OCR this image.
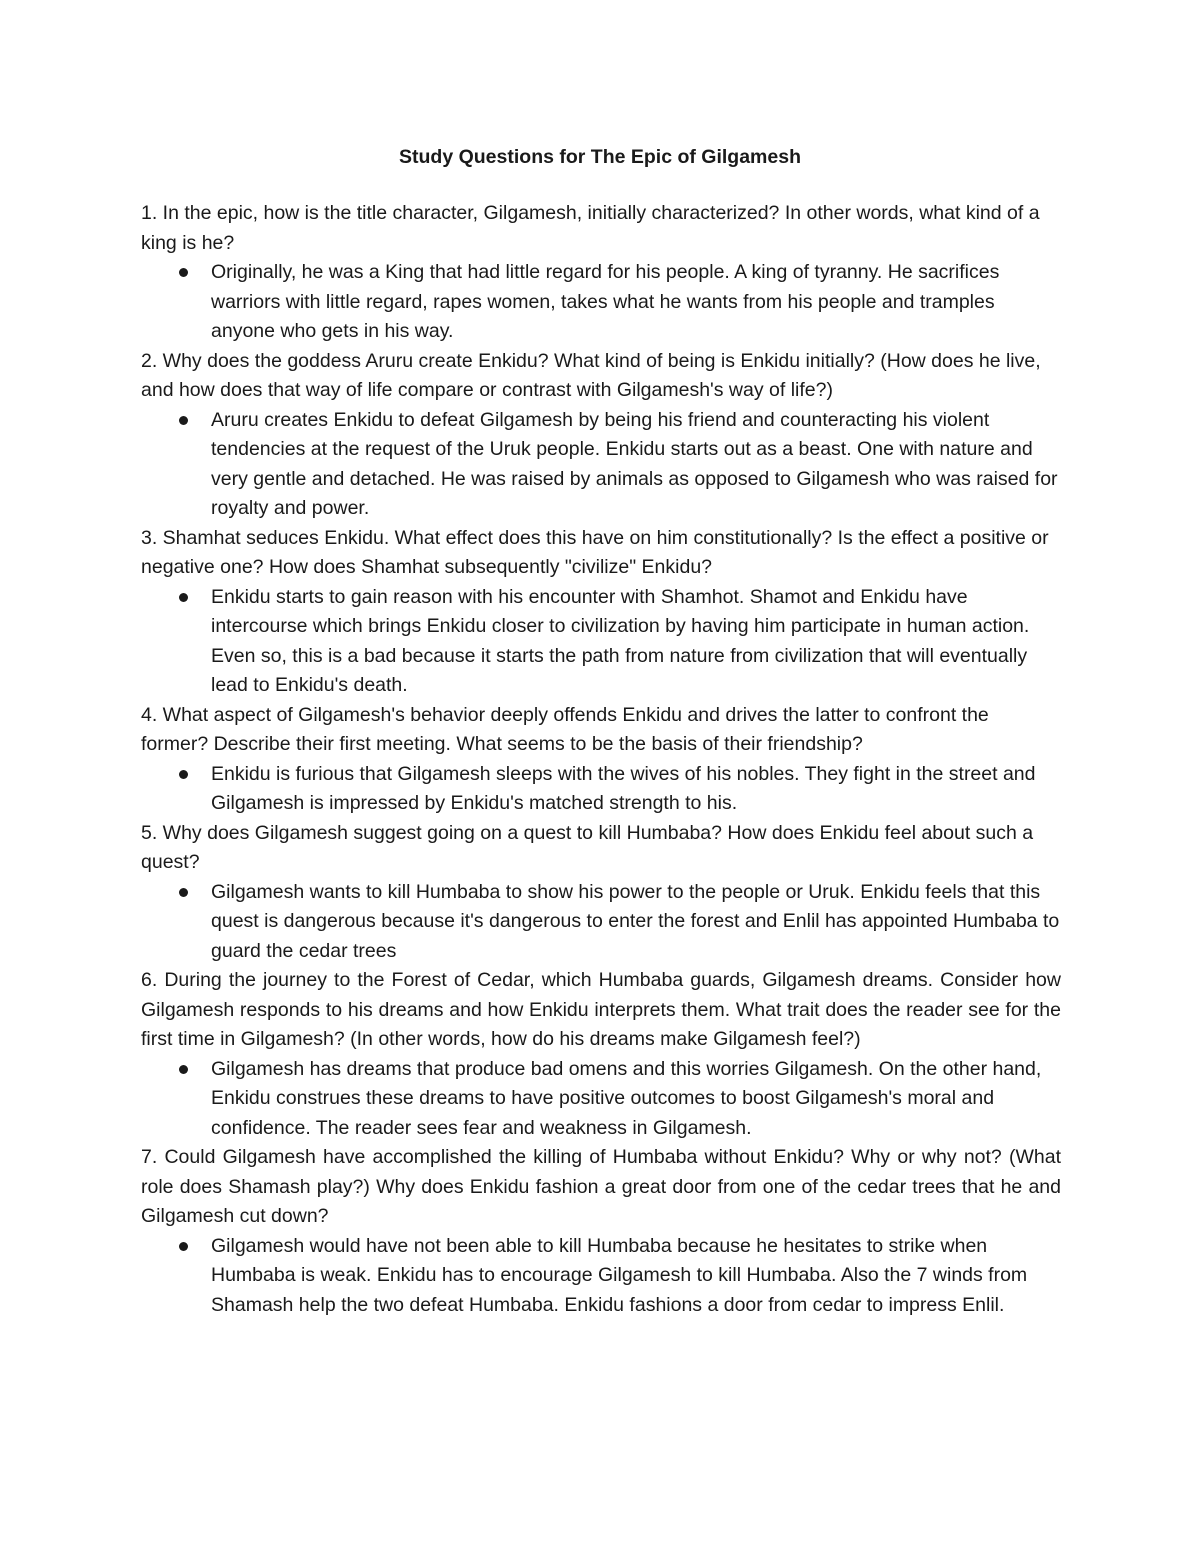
Study Questions for The Epic of Gilgamesh

1. In the epic, how is the title character, Gilgamesh, initially characterized? In other words, what kind of a king is he?

Originally, he was a King that had little regard for his people. A king of tyranny. He sacrifices warriors with little regard, rapes women, takes what he wants from his people and tramples anyone who gets in his way.

2. Why does the goddess Aruru create Enkidu? What kind of being is Enkidu initially? (How does he live, and how does that way of life compare or contrast with Gilgamesh's way of life?)

Aruru creates Enkidu to defeat Gilgamesh by being his friend and counteracting his violent tendencies at the request of the Uruk people. Enkidu starts out as a beast. One with nature and very gentle and detached. He was raised by animals as opposed to Gilgamesh who was raised for royalty and power.

3. Shamhat seduces Enkidu. What effect does this have on him constitutionally? Is the effect a positive or negative one? How does Shamhat subsequently "civilize" Enkidu?

Enkidu starts to gain reason with his encounter with Shamhot. Shamot and Enkidu have intercourse which brings Enkidu closer to civilization by having him participate in human action. Even so, this is a bad because it starts the path from nature from civilization that will eventually lead to Enkidu's death.

4. What aspect of Gilgamesh's behavior deeply offends Enkidu and drives the latter to confront the former? Describe their first meeting. What seems to be the basis of their friendship?

Enkidu is furious that Gilgamesh sleeps with the wives of his nobles. They fight in the street and Gilgamesh is impressed by Enkidu's matched strength to his.

5. Why does Gilgamesh suggest going on a quest to kill Humbaba? How does Enkidu feel about such a quest?

Gilgamesh wants to kill Humbaba to show his power to the people or Uruk. Enkidu feels that this quest is dangerous because it's dangerous to enter the forest and Enlil has appointed Humbaba to guard the cedar trees

6. During the journey to the Forest of Cedar, which Humbaba guards, Gilgamesh dreams. Consider how Gilgamesh responds to his dreams and how Enkidu interprets them. What trait does the reader see for the first time in Gilgamesh? (In other words, how do his dreams make Gilgamesh feel?)

Gilgamesh has dreams that produce bad omens and this worries Gilgamesh. On the other hand, Enkidu construes these dreams to have positive outcomes to boost Gilgamesh's moral and confidence. The reader sees fear and weakness in Gilgamesh.

7. Could Gilgamesh have accomplished the killing of Humbaba without Enkidu? Why or why not? (What role does Shamash play?) Why does Enkidu fashion a great door from one of the cedar trees that he and Gilgamesh cut down?

Gilgamesh would have not been able to kill Humbaba because he hesitates to strike when Humbaba is weak. Enkidu has to encourage Gilgamesh to kill Humbaba. Also the 7 winds from Shamash help the two defeat Humbaba. Enkidu fashions a door from cedar to impress Enlil.
